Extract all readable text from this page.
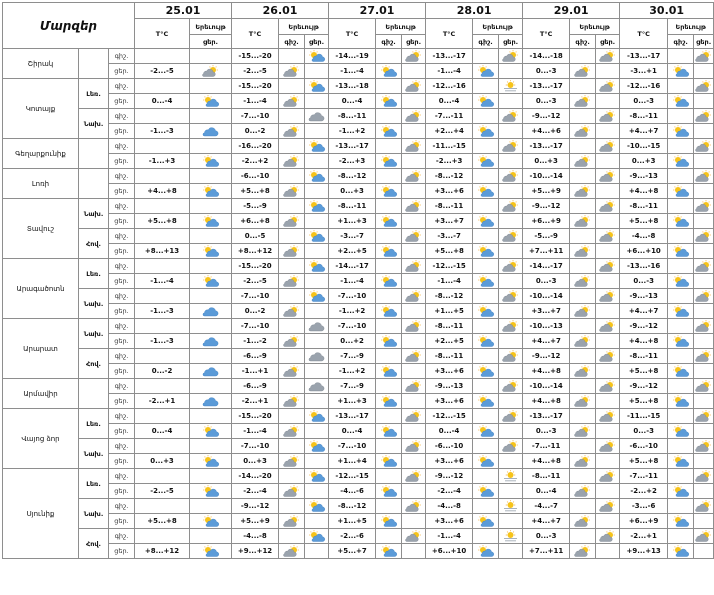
Մարզեր			25.01		26.01			27.01			28.01			29.01			30.01		
			T°C	Երեւույթ	T°C	Երեւույթ		T°C	Երեւույթ		T°C	Երեւույթ		T°C	Երեւույթ		T°C	Երեւույթ	
				ցեր.		գիշ.	ցեր.		գիշ.	ցեր.		գիշ.	ցեր.		գիշ.	ցեր.		գիշ.	ցեր.
Շիրակ		գիշ.			-15...-20			-14...-19			-13...-17			-14...-18			-13...-17		

		ցեր.	-2...-5		-2...-5			-1...-4			-1...-4			0...-3			-3...+1	

Կոտայք	Լեռ.	գիշ.			-15...-20			-13...-18			-12...-16			-13...-17			-12...-16		

		ցեր.	0...-4		-1...-4			0...-4			0...-4			0...-3			0...-3	

	Նախ.	գիշ.			-7...-10			-8...-11			-7...-11			-9...-12			-8...-11		

		ցեր.	-1...-3		0...-2			-1...+2			+2...+4			+4...+6			+4...+7	

Գեղարքունիք		գիշ.			-16...-20			-13...-17			-11...-15			-13...-17			-10...-15		

		ցեր.	-1...+3		-2...+2			-2...+3			-2...+3			0...+3			0...+3	

Լոռի		գիշ.			-6...-10			-8...-12			-8...-12			-10...-14			-9...-13		

		ցեր.	+4...+8		+5...+8			0...+3			+3...+6			+5...+9			+4...+8	

Տավուշ	Նախ.	գիշ.			-5...-9			-8...-11			-8...-11			-9...-12			-8...-11		

		ցեր.	+5...+8		+6...+8			+1...+3			+3...+7			+6...+9			+5...+8	

	Հով.	գիշ.			0...-5			-3...-7			-3...-7			-5...-9			-4...-8		

		ցեր.	+8...+13		+8...+12			+2...+5			+5...+8			+7...+11			+6...+10	

Արագածոտն	Լեռ.	գիշ.			-15...-20			-14...-17			-12...-15			-14...-17			-13...-16		

		ցեր.	-1...-4		-2...-5			-1...-4			-1...-4			0...-3			0...-3	

	Նախ.	գիշ.			-7...-10			-7...-10			-8...-12			-10...-14			-9...-13		

		ցեր.	-1...-3		0...-2			-1...+2			+1...+5			+3...+7			+4...+7	

Արարատ	Նախ.	գիշ.			-7...-10			-7...-10			-8...-11			-10...-13			-9...-12		

		ցեր.	-1...-3		-1...-2			0...+2			+2...+5			+4...+7			+4...+8	

	Հով.	գիշ.			-6...-9			-7...-9			-8...-11			-9...-12			-8...-11		

		ցեր.	0...-2		-1...+1			-1...+2			+3...+6			+4...+8			+5...+8	

Արմավիր		գիշ.			-6...-9			-7...-9			-9...-13			-10...-14			-9...-12		

		ցեր.	-2...+1		-2...+1			+1...+3			+3...+6			+4...+8			+5...+8	

Վայոց ձոր	Լեռ.	գիշ.			-15...-20			-13...-17			-12...-15			-13...-17			-11...-15		

		ցեր.	0...-4		-1...-4			0...-4			0...-4			0...-3			0...-3	

	Նախ.	գիշ.			-7...-10			-7...-10			-6...-10			-7...-11			-6...-10		

		ցեր.	0...+3		0...+3			+1...+4			+3...+6			+4...+8			+5...+8	

Սյունիք	Լեռ.	գիշ.			-14...-20			-12...-15			-9...-12			-8...-11			-7...-11		

		ցեր.	-2...-5		-2...-4			-4...-6			-2...-4			0...-4			-2...+2	

	Նախ.	գիշ.			-9...-12			-8...-12			-4...-8			-4...-7			-3...-6		

		ցեր.	+5...+8		+5...+9			+1...+5			+3...+6			+4...+7			+6...+9	

	Հով.	գիշ.			-4...-8			-2...-6			-1...-4			0...-3			-2...+1		

		ցեր.	+8...+12		+9...+12			+5...+7			+6...+10			+7...+11			+9...+13	
